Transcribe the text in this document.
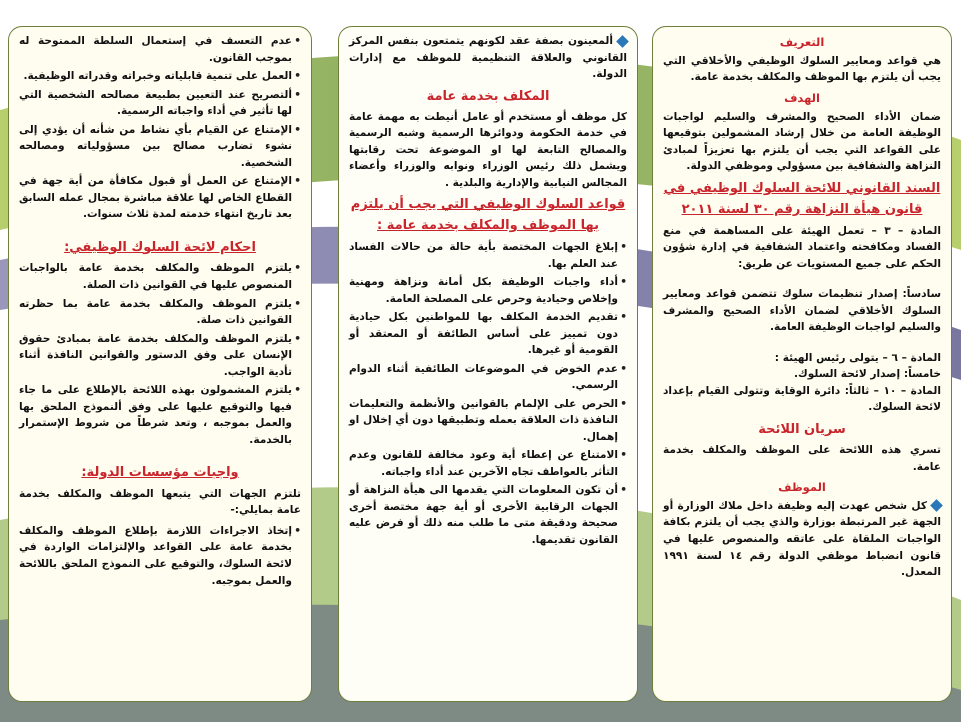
التعريف

هي قواعد ومعايير السلوك الوظيفي والأخلاقي التي يجب أن يلتزم بها الموظف والمكلف بخدمة عامة.

الهدف

ضمان الأداء الصحيح والمشرف والسليم لواجبات الوظيفة العامة من خلال إرشاد المشمولين بتوقيعها على القواعد التي يجب أن يلتزم بها تعزيزاً لمبادئ النزاهة والشفافية بين مسؤولي وموظفي الدولة.

السند القانوني للائحة السلوك الوظيفي في قانون هيأة النزاهة رقم ٣٠ لسنة ٢٠١١

المادة – ٣ – تعمل الهيئة على المساهمة في منع الفساد ومكافحته واعتماد الشفافية في إدارة شؤون الحكم على جميع المستويات عن طريق:

سادساً: إصدار تنظيمات سلوك تتضمن قواعد ومعايير السلوك الأخلاقي لضمان الأداء الصحيح والمشرف والسليم لواجبات الوظيفة العامة.

المادة – ٦ – يتولى رئيس الهيئة :

خامساً: إصدار لائحة السلوك.

المادة – ١٠ – ثالثاً: دائرة الوقاية وتتولى القيام بإعداد لائحة السلوك.

سريان اللائحة

تسري هذه اللائحة على الموظف والمكلف بخدمة عامة.

الموظف

كل شخص عهدت إليه وظيفة داخل ملاك الوزارة أو الجهة غير المرتبطة بوزارة والذي يجب أن يلتزم بكافة الواجبات الملقاة على عاتقه والمنصوص عليها في قانون انضباط موظفي الدولة رقم ١٤ لسنة ١٩٩١ المعدل.

ألمعينون بصفة عقد لكونهم يتمتعون بنفس المركز القانوني والعلاقة التنظيمية للموظف مع إدارات الدولة.

المكلف بخدمة عامة

كل موظف أو مستخدم أو عامل أنيطت به مهمة عامة في خدمة الحكومة ودوائرها الرسمية وشبه الرسمية والمصالح التابعة لها او الموضوعة تحت رقابتها ويشمل ذلك رئيس الوزراء ونوابه والوزراء وأعضاء المجالس النيابية والإدارية والبلدية .

قواعد السلوك الوظيفي التي يجب أن يلتزم بها الموظف والمكلف بخدمة عامة :
• إبلاغ الجهات المختصة بأية حالة من حالات الفساد عند العلم بها.
• أداء واجبات الوظيفة بكل أمانة ونزاهة ومهنية وإخلاص وحيادية وحرص على المصلحة العامة.
• تقديم الخدمة المكلف بها للمواطنين بكل حيادية دون تمييز على أساس الطائفة أو المعتقد أو القومية أو غيرها.
• عدم الخوض في الموضوعات الطائفية أثناء الدوام الرسمي.
• الحرص على الإلمام بالقوانين والأنظمة والتعليمات النافذة ذات العلاقة بعمله وتطبيقها دون أي إخلال او إهمال.
• الامتناع عن إعطاء أية وعود مخالفة للقانون وعدم التأثر بالعواطف تجاه الآخرين عند أداء واجباته.
• أن تكون المعلومات التي يقدمها الى هيأة النزاهة أو الجهات الرقابية الأخرى أو أية جهة مختصة أخرى صحيحة ودقيقة متى ما طلب منه ذلك أو فرض عليه القانون تقديمها.
• عدم التعسف في إستعمال السلطة الممنوحة له بموجب القانون.
• العمل على تنمية قابلياته وخبراته وقدراته الوظيفية.
• ألتصريح عند التعيين بطبيعة مصالحه الشخصية التي لها تأثير في أداء واجباته الرسمية.
• الإمتناع عن القيام بأي نشاط من شأنه أن يؤدي إلى نشوء تضارب مصالح بين مسؤولياته ومصالحه الشخصية.
• الإمتناع عن العمل أو قبول مكافأة من أية جهة في القطاع الخاص لها علاقة مباشرة بمجال عمله السابق بعد تاريخ انتهاء خدمته لمدة ثلاث سنوات.
احكام لائحة السلوك الوظيفي:
• يلتزم الموظف والمكلف بخدمة عامة بالواجبات المنصوص عليها في القوانين ذات الصلة.
• يلتزم الموظف والمكلف بخدمة عامة بما حظرته القوانين ذات صلة.
• يلتزم الموظف والمكلف بخدمة عامة بمبادئ حقوق الإنسان على وفق الدستور والقوانين النافذة أثناء تأدية الواجب.
• يلتزم المشمولون بهذه اللائحة بالإطلاع على ما جاء فيها والتوقيع عليها على وفق ألنموذج الملحق بها والعمل بموجبه ، وتعد شرطاً من شروط الإستمرار بالخدمة.
واجبات مؤسسات الدولة:

تلتزم الجهات التي يتبعها الموظف والمكلف بخدمة عامة بمايلي:-

• إتخاذ الاجراءات اللازمة بإطلاع الموظف والمكلف بخدمة عامة على القواعد والإلتزامات الواردة في لائحة السلوك، والتوقيع على النموذج الملحق باللائحة والعمل بموجبه.
